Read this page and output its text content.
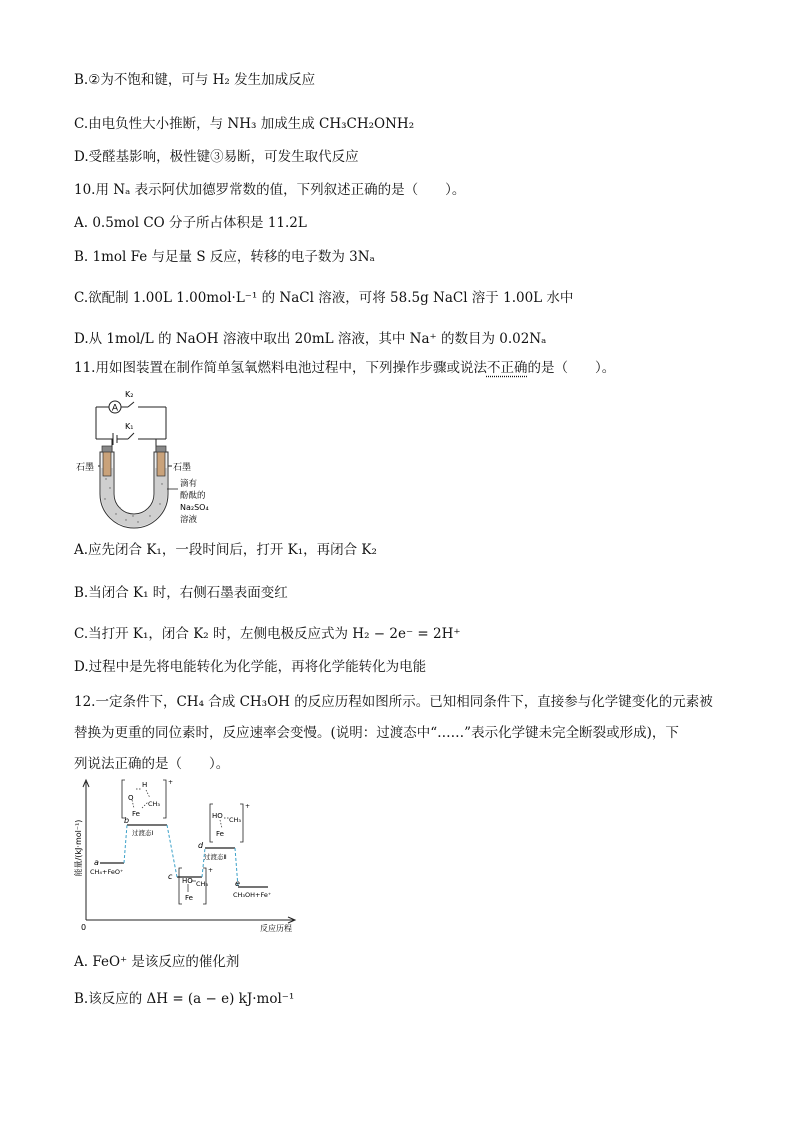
B.②为不饱和键，可与 H₂ 发生加成反应
C.由电负性大小推断，与 NH₃ 加成生成 CH₃CH₂ONH₂
D.受醛基影响，极性键③易断，可发生取代反应
10.用 Nₐ 表示阿伏加德罗常数的值，下列叙述正确的是（　　）。
A. 0.5mol CO 分子所占体积是 11.2L
B. 1mol Fe 与足量 S 反应，转移的电子数为 3Nₐ
C.欲配制 1.00L 1.00mol·L⁻¹ 的 NaCl 溶液，可将 58.5g NaCl 溶于 1.00L 水中
D.从 1mol/L 的 NaOH 溶液中取出 20mL 溶液，其中 Na⁺ 的数目为 0.02Nₐ
11.用如图装置在制作简单氢氧燃料电池过程中，下列操作步骤或说法不正确的是（　　）。
A
K₂
K₁
石墨	石墨
滴有
酚酞的
Na₂SO₄
溶液
A.应先闭合 K₁，一段时间后，打开 K₁，再闭合 K₂
B.当闭合 K₁ 时，右侧石墨表面变红
C.当打开 K₁，闭合 K₂ 时，左侧电极反应式为 H₂ − 2e⁻ = 2H⁺
D.过程中是先将电能转化为化学能，再将化学能转化为电能
12.一定条件下，CH₄ 合成 CH₃OH 的反应历程如图所示。已知相同条件下，直接参与化学键变化的元素被
替换为更重的同位素时，反应速率会变慢。(说明：过渡态中“……”表示化学键未完全断裂或形成)，下
列说法正确的是（　　）。
能量/(kJ·mol⁻¹)
0	反应历程
a
CH₄+FeO⁺
b
过渡态Ⅰ
c
d
过渡态Ⅱ
e
CH₃OH+Fe⁺
H
O
CH₃
Fe
+
HO CH₃
Fe
+
HO CH₃
Fe
+
A. FeO⁺ 是该反应的催化剂
B.该反应的 ΔH = (a − e) kJ·mol⁻¹
